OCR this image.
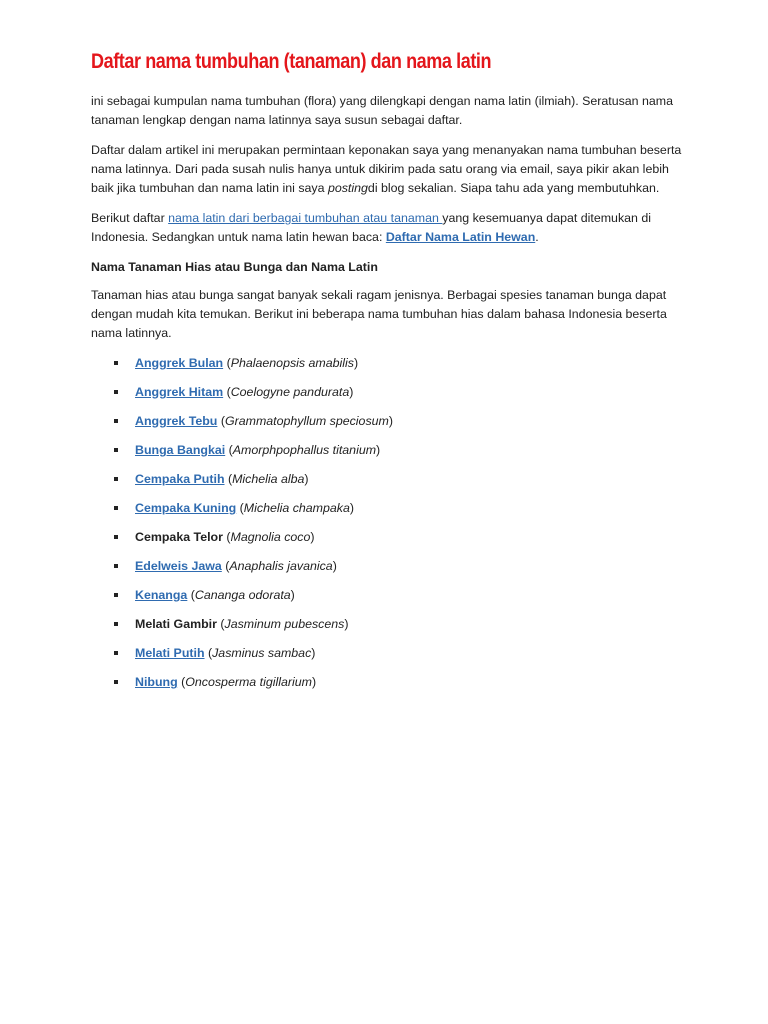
Daftar nama tumbuhan (tanaman) dan nama latin

ini sebagai kumpulan nama tumbuhan (flora) yang dilengkapi dengan nama latin (ilmiah). Seratusan nama tanaman lengkap dengan nama latinnya saya susun sebagai daftar.

Daftar dalam artikel ini merupakan permintaan keponakan saya yang menanyakan nama tumbuhan beserta nama latinnya. Dari pada susah nulis hanya untuk dikirim pada satu orang via email, saya pikir akan lebih baik jika tumbuhan dan nama latin ini saya postingdi blog sekalian. Siapa tahu ada yang membutuhkan.

Berikut daftar nama latin dari berbagai tumbuhan atau tanaman yang kesemuanya dapat ditemukan di Indonesia. Sedangkan untuk nama latin hewan baca: Daftar Nama Latin Hewan.

Nama Tanaman Hias atau Bunga dan Nama Latin

Tanaman hias atau bunga sangat banyak sekali ragam jenisnya. Berbagai spesies tanaman bunga dapat dengan mudah kita temukan. Berikut ini beberapa nama tumbuhan hias dalam bahasa Indonesia beserta nama latinnya.

Anggrek Bulan (Phalaenopsis amabilis)
Anggrek Hitam (Coelogyne pandurata)
Anggrek Tebu (Grammatophyllum speciosum)
Bunga Bangkai (Amorphpophallus titanium)
Cempaka Putih (Michelia alba)
Cempaka Kuning (Michelia champaka)
Cempaka Telor (Magnolia coco)
Edelweis Jawa (Anaphalis javanica)
Kenanga (Cananga odorata)
Melati Gambir (Jasminum pubescens)
Melati Putih (Jasminus sambac)
Nibung (Oncosperma tigillarium)
